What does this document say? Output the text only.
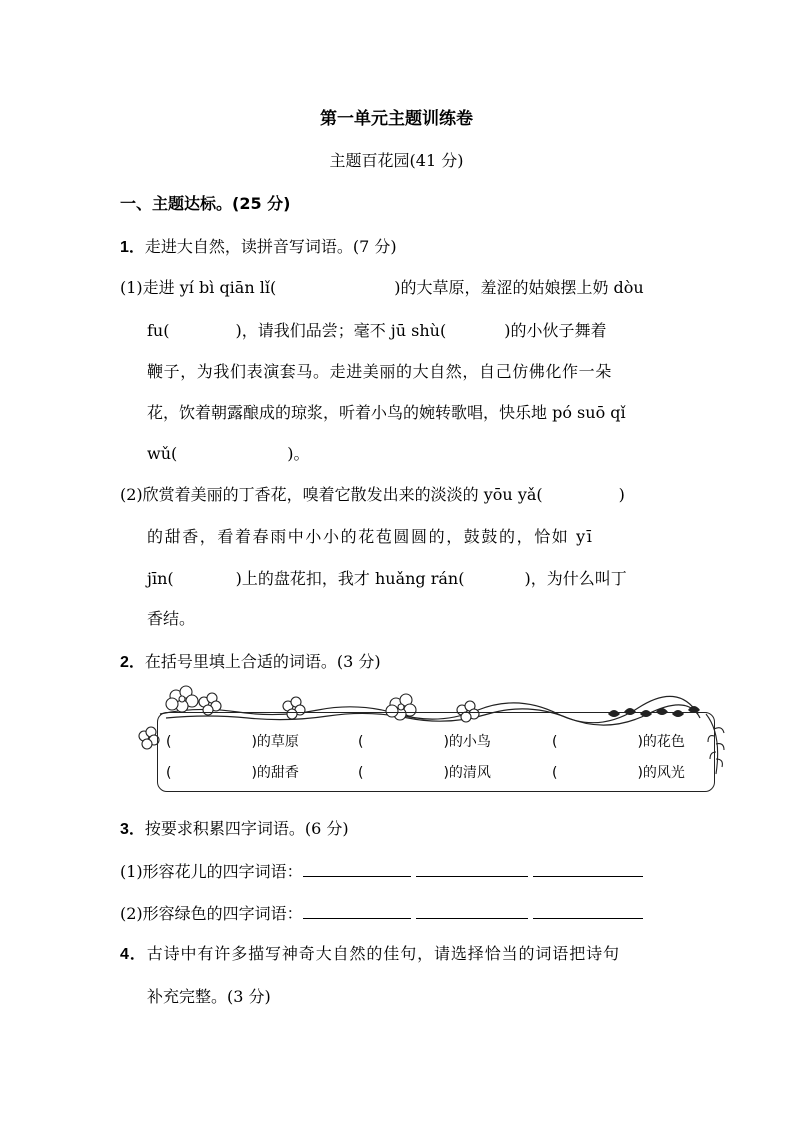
第一单元主题训练卷
主题百花园(41 分)
一、主题达标。(25 分)
1．走进大自然，读拼音写词语。(7 分)
(1)走进 yí bì qiān lǐ(	)的大草原，羞涩的姑娘摆上奶 dòu
fu(	)，请我们品尝；毫不 jū shù(	)的小伙子舞着
鞭子，为我们表演套马。走进美丽的大自然，自己仿佛化作一朵
花，饮着朝露酿成的琼浆，听着小鸟的婉转歌唱，快乐地 pó suō qǐ
wǔ(	)。
(2)欣赏着美丽的丁香花，嗅着它散发出来的淡淡的 yōu yǎ(	)
的甜香，看着春雨中小小的花苞圆圆的，鼓鼓的，恰如 yī
jīn(	)上的盘花扣，我才 huǎng rán(	)，为什么叫丁
香结。
2．在括号里填上合适的词语。(3 分)
(	)的草原	(	)的小鸟	(	)的花色
(	)的甜香	(	)的清风	(	)的风光
3．按要求积累四字词语。(6 分)
(1)形容花儿的四字词语：
(2)形容绿色的四字词语：
4．古诗中有许多描写神奇大自然的佳句，请选择恰当的词语把诗句
补充完整。(3 分)
